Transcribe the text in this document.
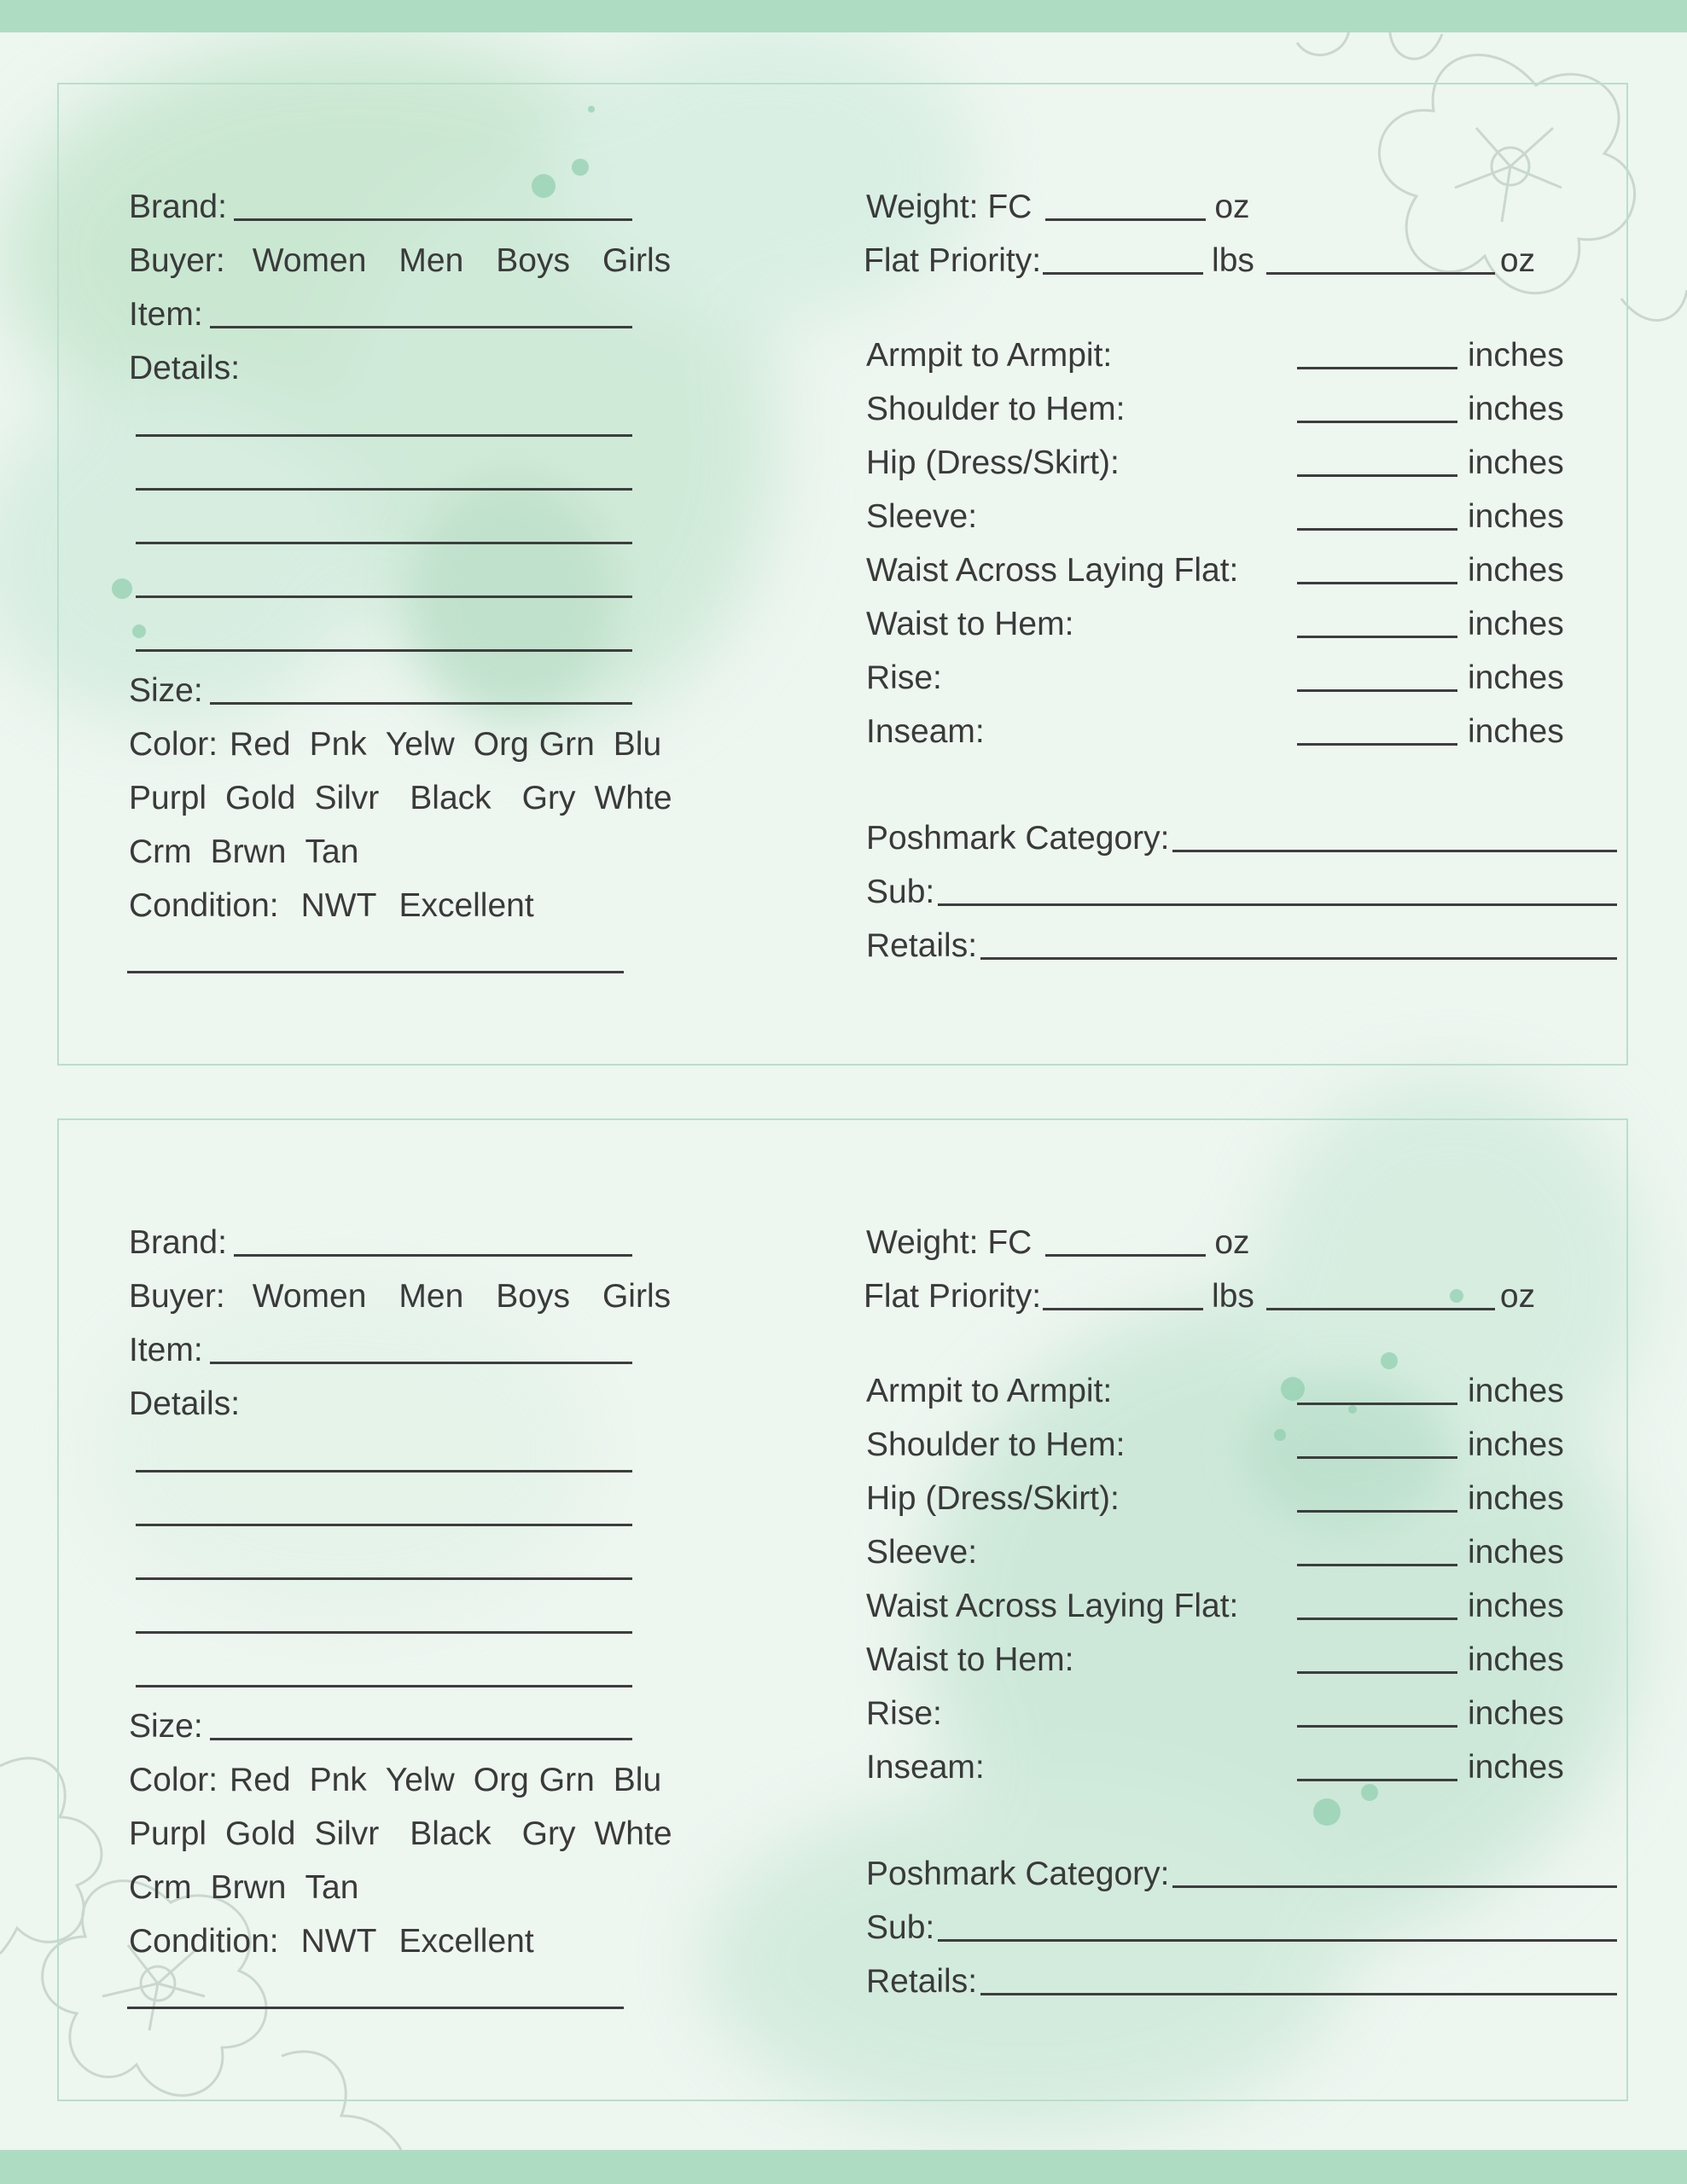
Brand:
Buyer: Women Men Boys Girls
Item:
Details:
Size:
Color: Red Pnk Yelw Org Grn Blu
Purpl Gold Silvr Black Gry Whte
Crm Brwn Tan
Condition: NWT Excellent
Weight: FC	oz
Flat Priority:	lbs	oz
Armpit to Armpit:	inches
Shoulder to Hem:	inches
Hip (Dress/Skirt):	inches
Sleeve:	inches
Waist Across Laying Flat:	inches
Waist to Hem:	inches
Rise:	inches
Inseam:	inches
Poshmark Category:
Sub:
Retails:
Brand:
Buyer: Women Men Boys Girls
Item:
Details:
Size:
Color: Red Pnk Yelw Org Grn Blu
Purpl Gold Silvr Black Gry Whte
Crm Brwn Tan
Condition: NWT Excellent
Weight: FC	oz
Flat Priority:	lbs	oz
Armpit to Armpit:	inches
Shoulder to Hem:	inches
Hip (Dress/Skirt):	inches
Sleeve:	inches
Waist Across Laying Flat:	inches
Waist to Hem:	inches
Rise:	inches
Inseam:	inches
Poshmark Category:
Sub:
Retails:
